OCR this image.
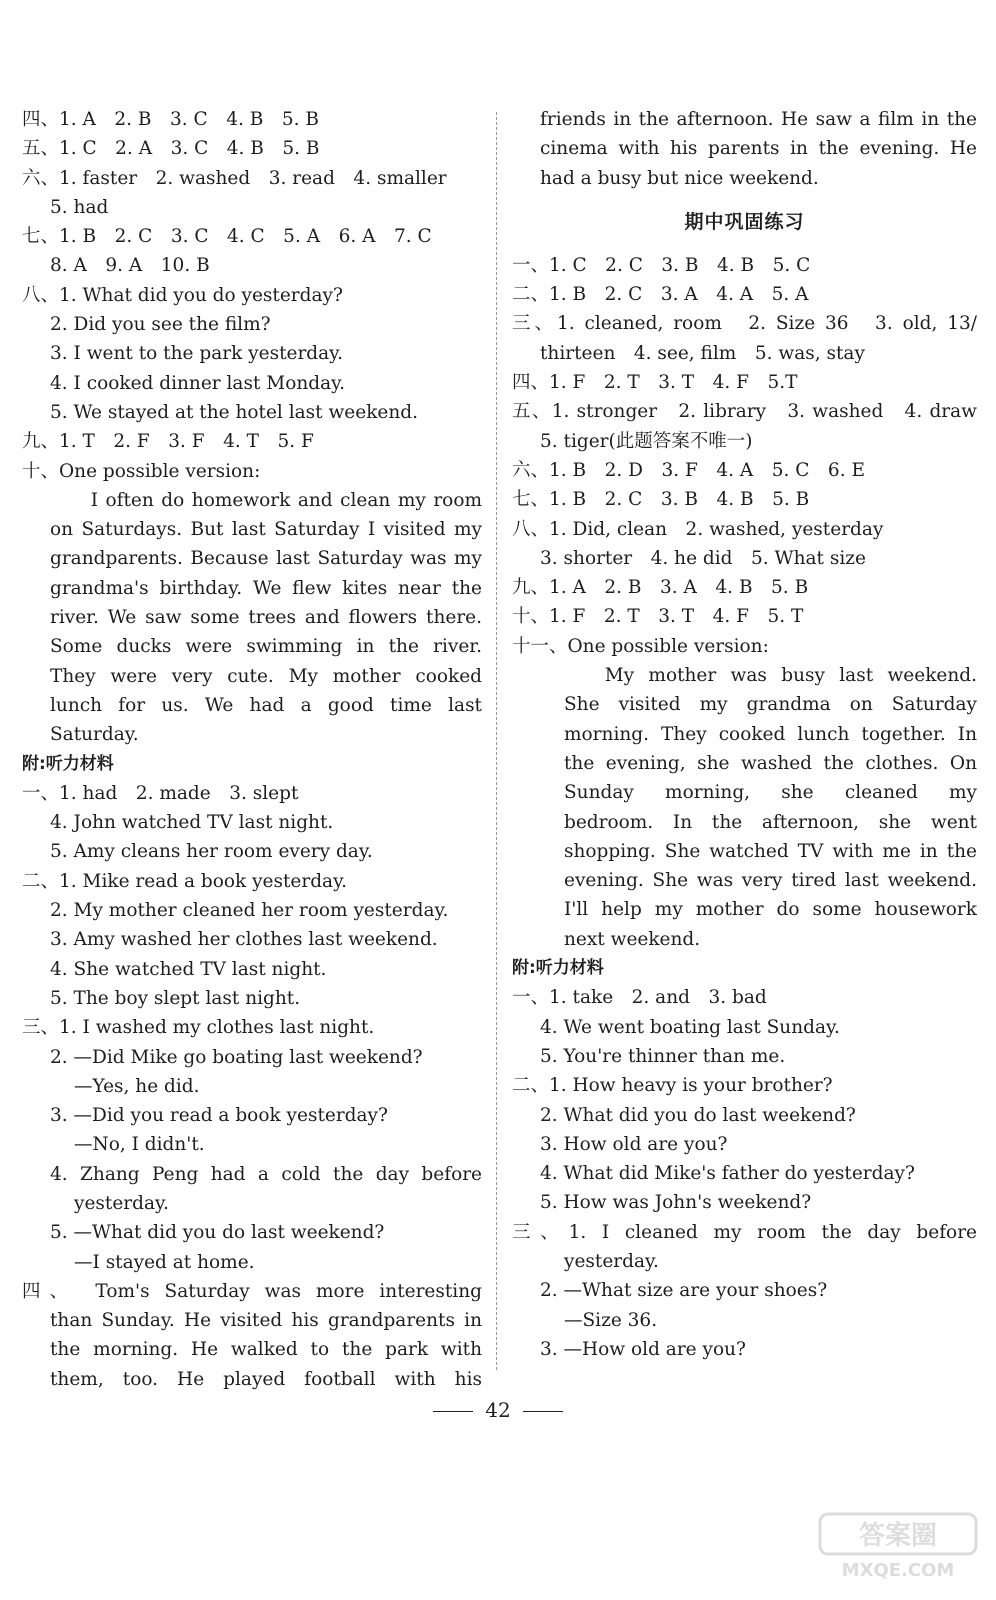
四、1. A　2. B　3. C　4. B　5. B
五、1. C　2. A　3. C　4. B　5. B
六、1. faster　2. washed　3. read　4. smaller
5. had
七、1. B　2. C　3. C　4. C　5. A　6. A　7. C
8. A　9. A　10. B
八、1. What did you do yesterday?
2. Did you see the film?
3. I went to the park yesterday.
4. I cooked dinner last Monday.
5. We stayed at the hotel last weekend.
九、1. T　2. F　3. F　4. T　5. F
十、One possible version:
I often do homework and clean my room
on Saturdays. But last Saturday I visited my
grandparents. Because last Saturday was my
grandma's birthday. We flew kites near the
river. We saw some trees and flowers there.
Some ducks were swimming in the river.
They were very cute. My mother cooked
lunch for us. We had a good time last
Saturday.
附:听力材料
一、1. had　2. made　3. slept
4. John watched TV last night.
5. Amy cleans her room every day.
二、1. Mike read a book yesterday.
2. My mother cleaned her room yesterday.
3. Amy washed her clothes last weekend.
4. She watched TV last night.
5. The boy slept last night.
三、1. I washed my clothes last night.
2. —Did Mike go boating last weekend?
—Yes, he did.
3. —Did you read a book yesterday?
—No, I didn't.
4. Zhang Peng had a cold the day before
yesterday.
5. —What did you do last weekend?
—I stayed at home.
四、　Tom's Saturday was more interesting
than Sunday. He visited his grandparents in
the morning. He walked to the park with
them, too. He played football with his
friends in the afternoon. He saw a film in the
cinema with his parents in the evening. He
had a busy but nice weekend.
期中巩固练习
一、1. C　2. C　3. B　4. B　5. C
二、1. B　2. C　3. A　4. A　5. A
三、1. cleaned, room　2. Size 36　3. old, 13/
thirteen　4. see, film　5. was, stay
四、1. F　2. T　3. T　4. F　5.T
五、1. stronger　2. library　3. washed　4. draw
5. tiger(此题答案不唯一)
六、1. B　2. D　3. F　4. A　5. C　6. E
七、1. B　2. C　3. B　4. B　5. B
八、1. Did, clean　2. washed, yesterday
3. shorter　4. he did　5. What size
九、1. A　2. B　3. A　4. B　5. B
十、1. F　2. T　3. T　4. F　5. T
十一、One possible version:
My mother was busy last weekend.
She visited my grandma on Saturday
morning. They cooked lunch together. In
the evening, she washed the clothes. On
Sunday morning, she cleaned my
bedroom. In the afternoon, she went
shopping. She watched TV with me in the
evening. She was very tired last weekend.
I'll help my mother do some housework
next weekend.
附:听力材料
一、1. take　2. and　3. bad
4. We went boating last Sunday.
5. You're thinner than me.
二、1. How heavy is your brother?
2. What did you do last weekend?
3. How old are you?
4. What did Mike's father do yesterday?
5. How was John's weekend?
三、1. I cleaned my room the day before
yesterday.
2. —What size are your shoes?
—Size 36.
3. —How old are you?
42
答案圈
MXQE.COM
